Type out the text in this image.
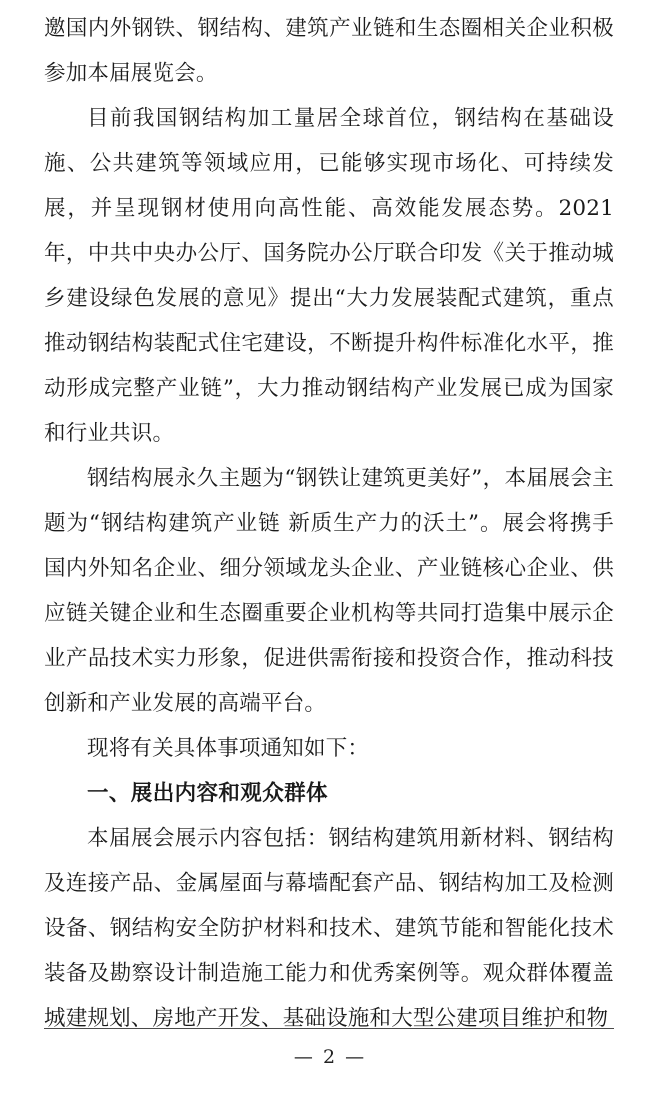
邀国内外钢铁、钢结构、建筑产业链和生态圈相关企业积极参加本届展览会。

目前我国钢结构加工量居全球首位，钢结构在基础设施、公共建筑等领域应用，已能够实现市场化、可持续发展，并呈现钢材使用向高性能、高效能发展态势。2021 年，中共中央办公厅、国务院办公厅联合印发《关于推动城乡建设绿色发展的意见》提出“大力发展装配式建筑，重点推动钢结构装配式住宅建设，不断提升构件标准化水平，推动形成完整产业链”，大力推动钢结构产业发展已成为国家和行业共识。

钢结构展永久主题为“钢铁让建筑更美好”，本届展会主题为“钢结构建筑产业链 新质生产力的沃土”。展会将携手国内外知名企业、细分领域龙头企业、产业链核心企业、供应链关键企业和生态圈重要企业机构等共同打造集中展示企业产品技术实力形象，促进供需衔接和投资合作，推动科技创新和产业发展的高端平台。

现将有关具体事项通知如下：

一、展出内容和观众群体

本届展会展示内容包括：钢结构建筑用新材料、钢结构及连接产品、金属屋面与幕墙配套产品、钢结构加工及检测设备、钢结构安全防护材料和技术、建筑节能和智能化技术装备及勘察设计制造施工能力和优秀案例等。观众群体覆盖城建规划、房地产开发、基础设施和大型公建项目维护和物

— 2 —
